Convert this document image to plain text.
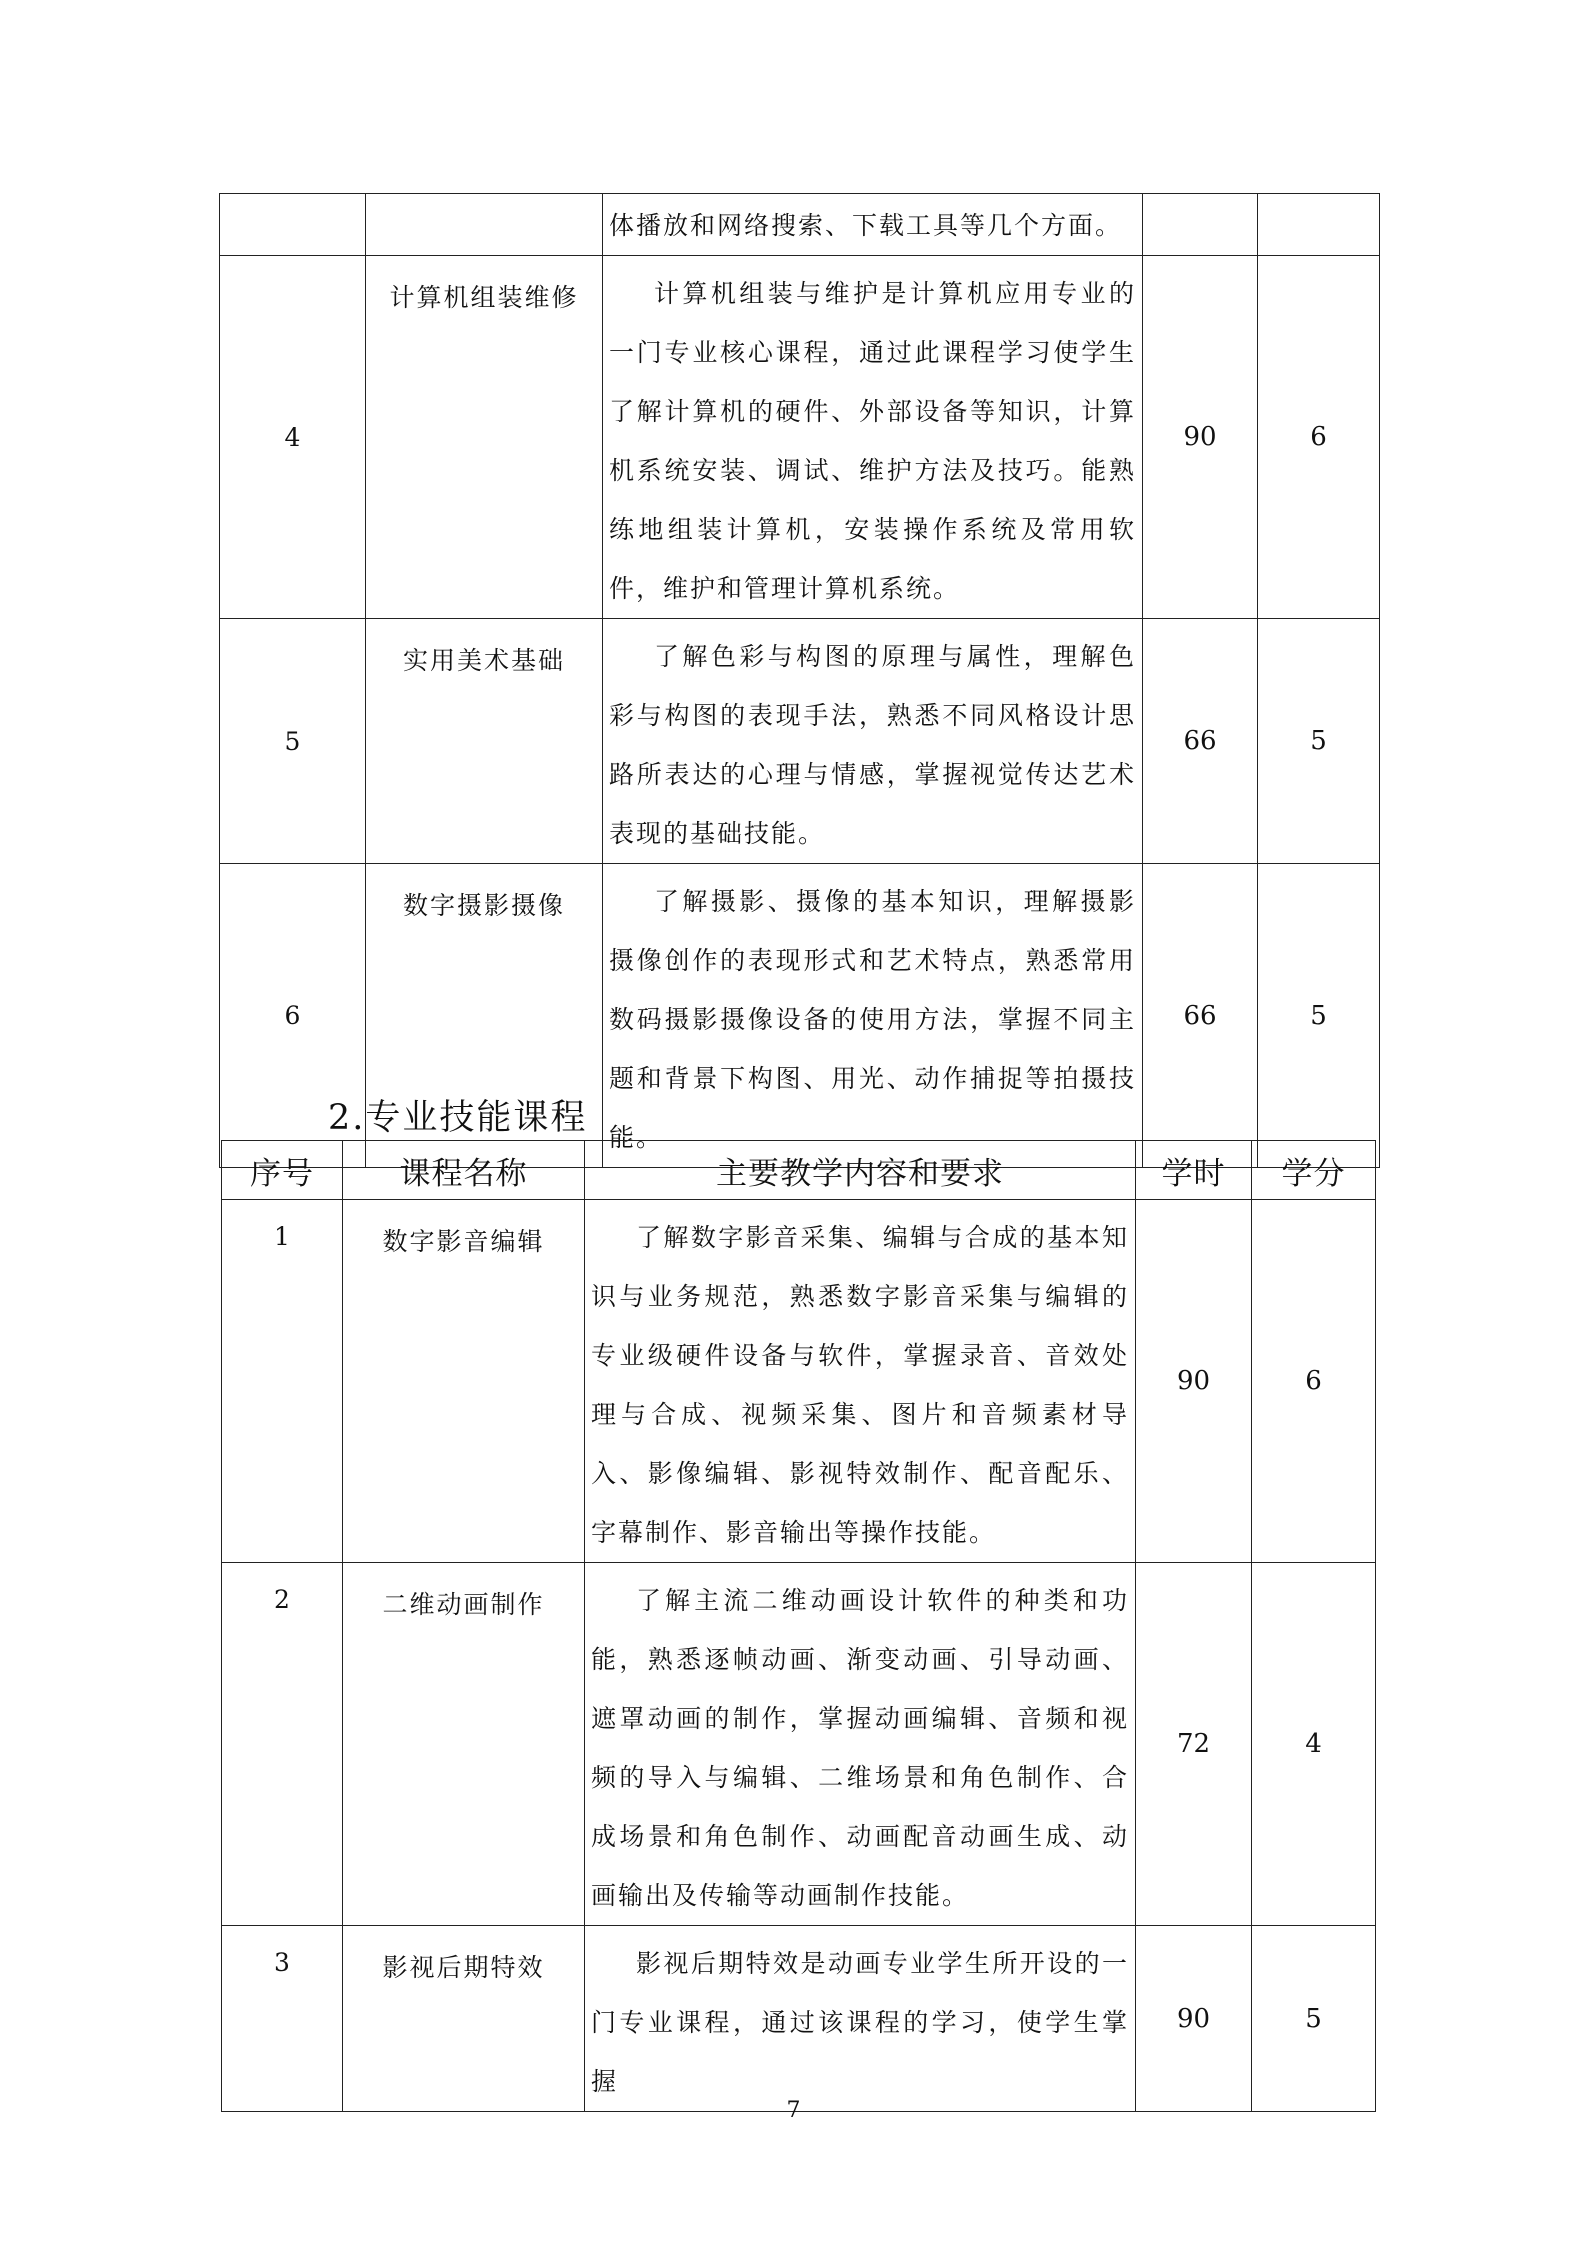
		体播放和网络搜索、下载工具等几个方面。		

4	计算机组装维修	计算机组装与维护是计算机应用专业的一门专业核心课程，通过此课程学习使学生了解计算机的硬件、外部设备等知识，计算机系统安装、调试、维护方法及技巧。能熟练地组装计算机，安装操作系统及常用软件，维护和管理计算机系统。	90	6
5	实用美术基础	了解色彩与构图的原理与属性，理解色彩与构图的表现手法，熟悉不同风格设计思路所表达的心理与情感，掌握视觉传达艺术表现的基础技能。	66	5
6	数字摄影摄像	了解摄影、摄像的基本知识，理解摄影摄像创作的表现形式和艺术特点，熟悉常用数码摄影摄像设备的使用方法，掌握不同主题和背景下构图、用光、动作捕捉等拍摄技能。	66	5
2.专业技能课程
序号	课程名称	主要教学内容和要求	学时	学分
1	数字影音编辑	了解数字影音采集、编辑与合成的基本知识与业务规范，熟悉数字影音采集与编辑的专业级硬件设备与软件，掌握录音、音效处理与合成、视频采集、图片和音频素材导入、影像编辑、影视特效制作、配音配乐、字幕制作、影音输出等操作技能。	90	6
2	二维动画制作	了解主流二维动画设计软件的种类和功能，熟悉逐帧动画、渐变动画、引导动画、遮罩动画的制作，掌握动画编辑、音频和视频的导入与编辑、二维场景和角色制作、合成场景和角色制作、动画配音动画生成、动画输出及传输等动画制作技能。	72	4
3	影视后期特效	影视后期特效是动画专业学生所开设的一门专业课程，通过该课程的学习，使学生掌握	90	5
7
